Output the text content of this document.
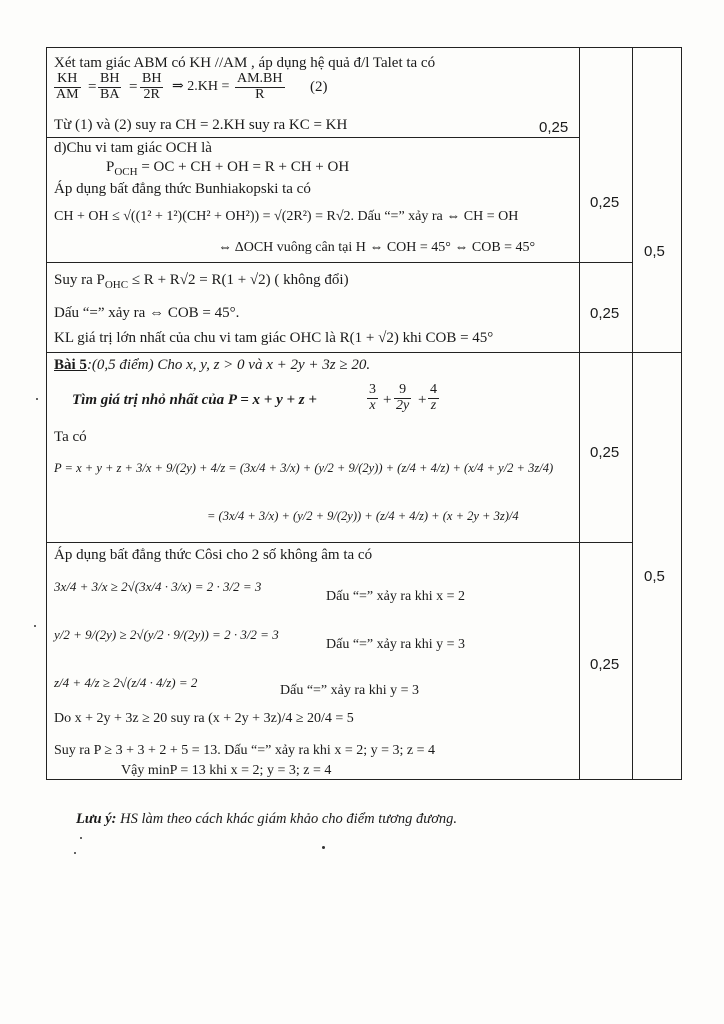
Xét tam giác ABM có KH //AM , áp dụng hệ quả đ/l Talet ta có
$\frac{KH}{AM} = \frac{BH}{BA} = \frac{BH}{2R}$ ⇒ $2.KH = \frac{AM.BH}{R} (2)$
Từ (1) và (2) suy ra CH = 2.KH suy ra KC = KH	0,25
d)Chu vi tam giác OCH là
$P_{OCH}$ = OC + CH + OH = R + CH + OH
Áp dụng bất đẳng thức Bunhiakopski ta có
CH + OH ≤ √((1² + 1²)(CH² + OH²)) = √(2R²) = R√2. Dấu “=” xảy ra ⇔ CH = OH
⇔ ΔOCH vuông cân tại H ⇔ COH = 45° ⇔ COB = 45°
0,25
Suy ra $P_{OHC} \le R + R√2 = R(1 + √2)$ ( không đổi)
Dấu “=” xảy ra ⇔ COB = 45°.
KL giá trị lớn nhất của chu vi tam giác OHC là R(1 + √2) khi COB = 45°
0,25
0,5
Bài 5:(0,5 điểm) Cho x, y, z > 0 và x + 2y + 3z ≥ 20.
Tìm giá trị nhỏ nhất của P = x + y + z +	$\frac{3}{x} + \frac{9}{2y} + \frac{4}{z}$
Ta có
P = x + y + z + 3/x + 9/(2y) + 4/z = (3x/4 + 3/x) + (y/2 + 9/(2y)) + (z/4 + 4/z) + (x/4 + y/2 + 3z/4)
= (3x/4 + 3/x) + (y/2 + 9/(2y)) + (z/4 + 4/z) + (x + 2y + 3z)/4
0,25
Áp dụng bất đẳng thức Côsi cho 2 số không âm ta có
3x/4 + 3/x ≥ 2√(3x/4 · 3/x) = 2 · 3/2 = 3
Dấu “=” xảy ra khi x = 2
y/2 + 9/(2y) ≥ 2√(y/2 · 9/(2y)) = 2 · 3/2 = 3
Dấu “=” xảy ra khi y = 3
z/4 + 4/z ≥ 2√(z/4 · 4/z) = 2
Dấu “=” xảy ra khi y = 3
Do x + 2y + 3z ≥ 20 suy ra (x + 2y + 3z)/4 ≥ 20/4 = 5
Suy ra P ≥ 3 + 3 + 2 + 5 = 13. Dấu “=” xảy ra khi x = 2; y = 3; z = 4
Vậy minP = 13 khi x = 2; y = 3; z = 4
0,25
0,5
Lưu ý: HS làm theo cách khác giám khảo cho điểm tương đương.
